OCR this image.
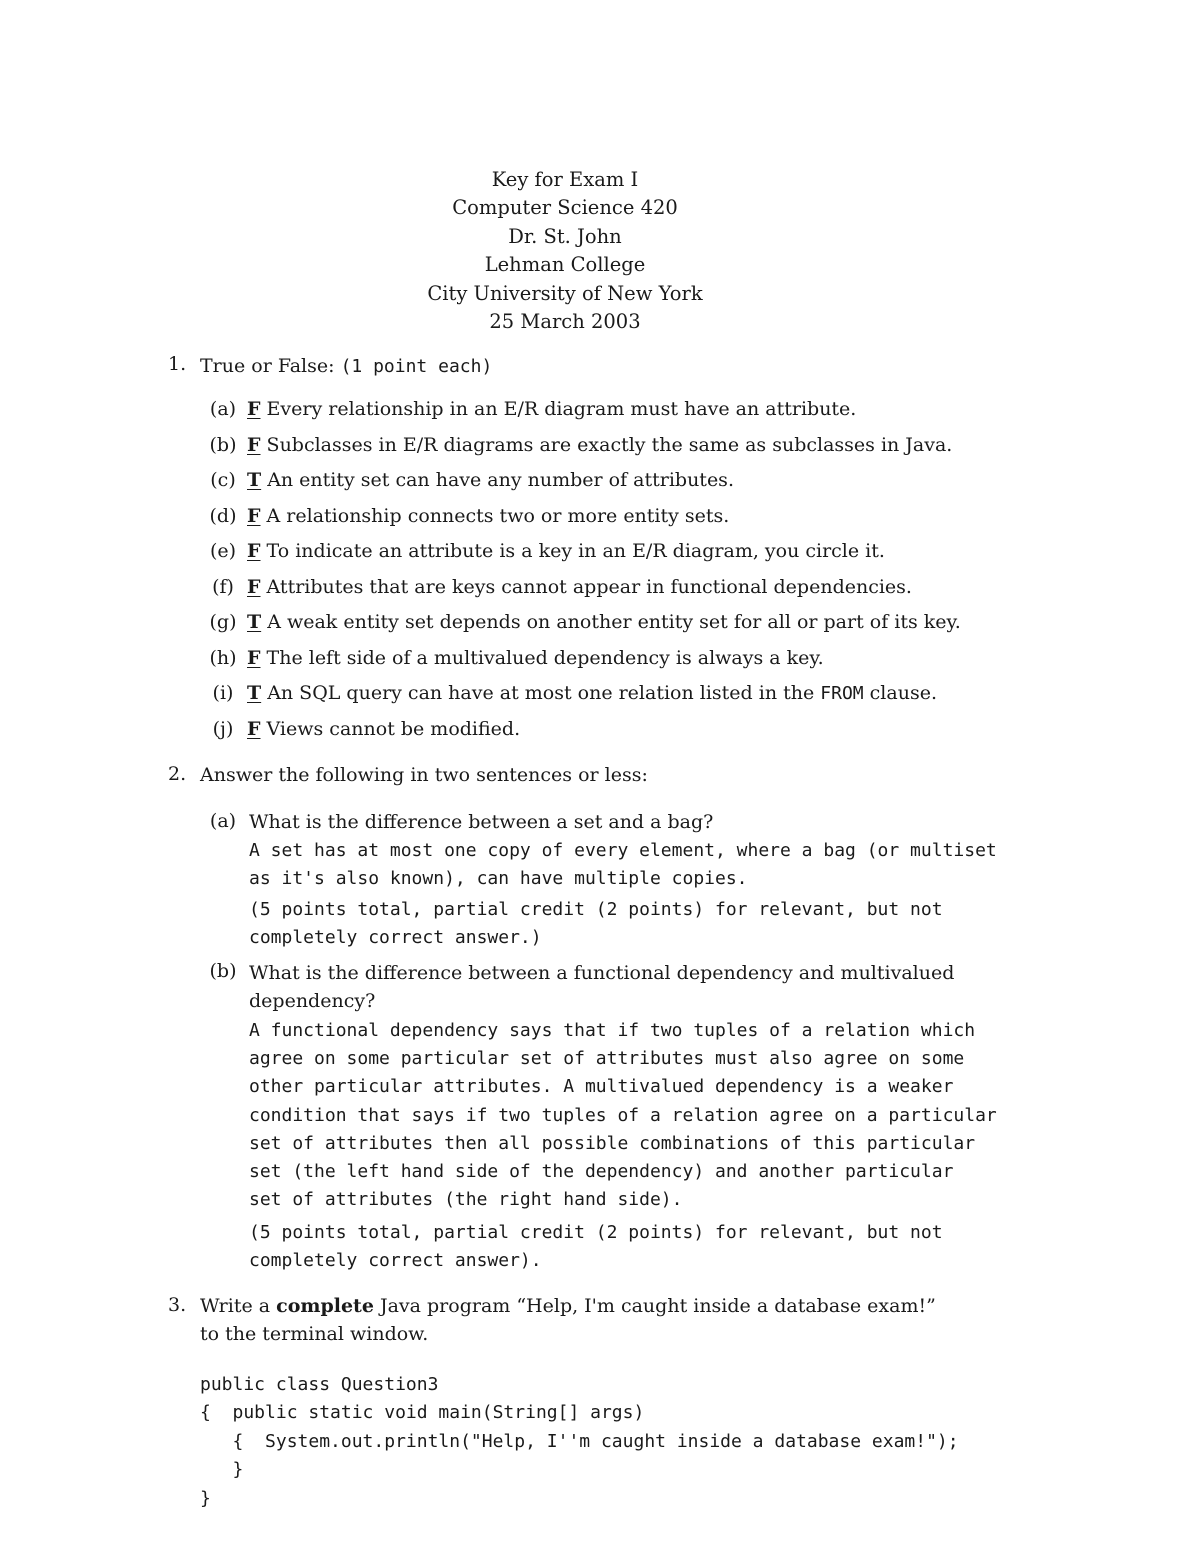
Key for Exam I
Computer Science 420
Dr. St. John
Lehman College
City University of New York
25 March 2003
1. True or False: (1 point each)
(a) F Every relationship in an E/R diagram must have an attribute.
(b) F Subclasses in E/R diagrams are exactly the same as subclasses in Java.
(c) T An entity set can have any number of attributes.
(d) F A relationship connects two or more entity sets.
(e) F To indicate an attribute is a key in an E/R diagram, you circle it.
(f) F Attributes that are keys cannot appear in functional dependencies.
(g) T A weak entity set depends on another entity set for all or part of its key.
(h) F The left side of a multivalued dependency is always a key.
(i) T An SQL query can have at most one relation listed in the FROM clause.
(j) F Views cannot be modified.
2. Answer the following in two sentences or less:
(a) What is the difference between a set and a bag?
A set has at most one copy of every element, where a bag (or multiset
as it's also known), can have multiple copies.
(5 points total, partial credit (2 points) for relevant, but not
completely correct answer.)
(b) What is the difference between a functional dependency and multivalued
dependency?
A functional dependency says that if two tuples of a relation which
agree on some particular set of attributes must also agree on some
other particular attributes. A multivalued dependency is a weaker
condition that says if two tuples of a relation agree on a particular
set of attributes then all possible combinations of this particular
set (the left hand side of the dependency) and another particular
set of attributes (the right hand side).
(5 points total, partial credit (2 points) for relevant, but not
completely correct answer).
3. Write a complete Java program “Help, I'm caught inside a database exam!”
to the terminal window.
public class Question3
{  public static void main(String[] args)
{  System.out.println("Help, I''m caught inside a database exam!");
}
}
